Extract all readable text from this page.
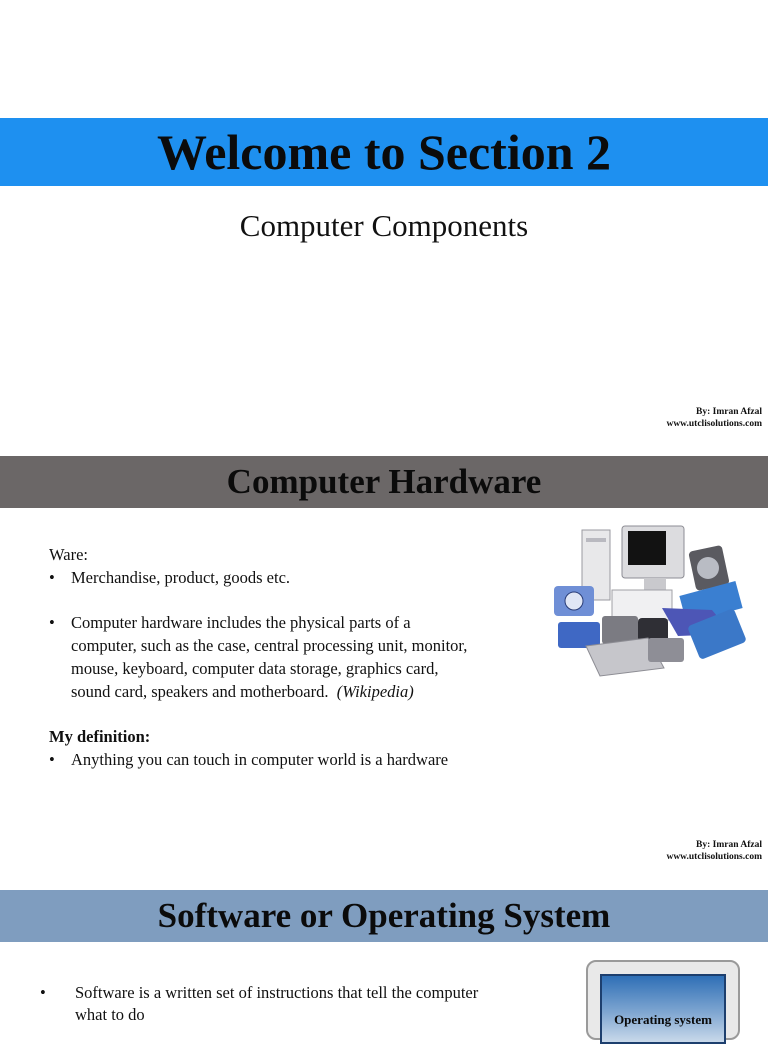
Welcome to Section 2
Computer Components
By: Imran Afzal
www.utclisolutions.com
Computer Hardware
Ware:
• Merchandise, product, goods etc.
• Computer hardware includes the physical parts of a
computer, such as the case, central processing unit, monitor,
mouse, keyboard, computer data storage, graphics card,
sound card, speakers and motherboard. (Wikipedia)
My definition:
• Anything you can touch in computer world is a hardware
By: Imran Afzal
www.utclisolutions.com
Software or Operating System
• Software is a written set of instructions that tell the computer
what to do	Operating system
